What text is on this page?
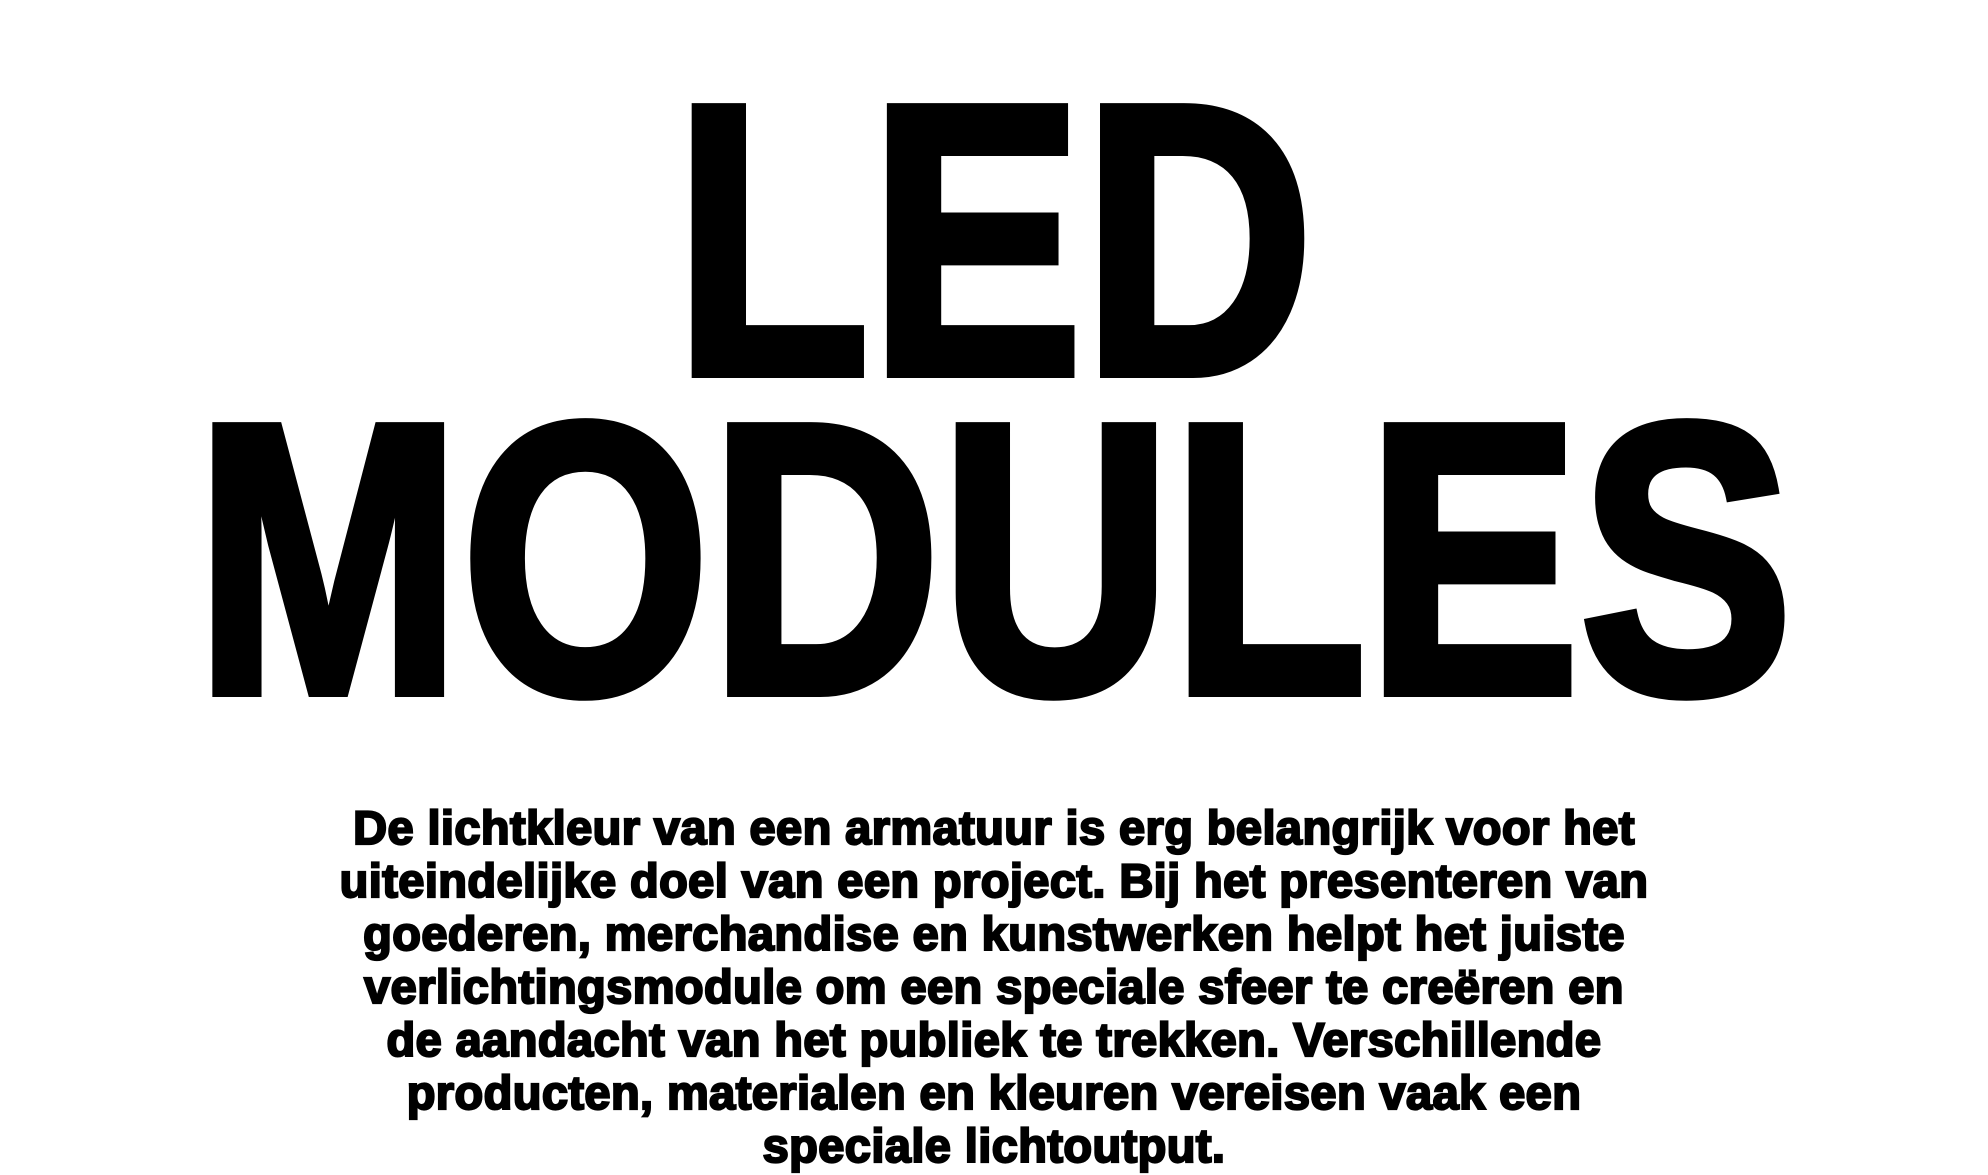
LED
MODULES

De lichtkleur van een armatuur is erg belangrijk voor het
uiteindelijke doel van een project. Bij het presenteren van
goederen, merchandise en kunstwerken helpt het juiste
verlichtingsmodule om een speciale sfeer te creëren en
de aandacht van het publiek te trekken. Verschillende
producten, materialen en kleuren vereisen vaak een
speciale lichtoutput.
